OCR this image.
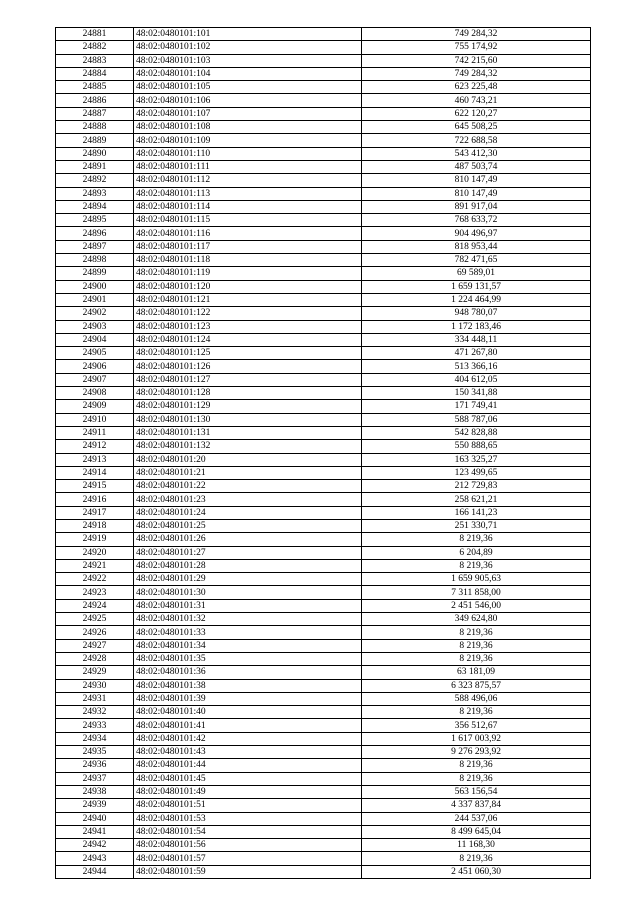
24881	48:02:0480101:101	749 284,32
24882	48:02:0480101:102	755 174,92
24883	48:02:0480101:103	742 215,60
24884	48:02:0480101:104	749 284,32
24885	48:02:0480101:105	623 225,48
24886	48:02:0480101:106	460 743,21
24887	48:02:0480101:107	622 120,27
24888	48:02:0480101:108	645 508,25
24889	48:02:0480101:109	722 688,58
24890	48:02:0480101:110	543 412,30
24891	48:02:0480101:111	487 503,74
24892	48:02:0480101:112	810 147,49
24893	48:02:0480101:113	810 147,49
24894	48:02:0480101:114	891 917,04
24895	48:02:0480101:115	768 633,72
24896	48:02:0480101:116	904 496,97
24897	48:02:0480101:117	818 953,44
24898	48:02:0480101:118	782 471,65
24899	48:02:0480101:119	69 589,01
24900	48:02:0480101:120	1 659 131,57
24901	48:02:0480101:121	1 224 464,99
24902	48:02:0480101:122	948 780,07
24903	48:02:0480101:123	1 172 183,46
24904	48:02:0480101:124	334 448,11
24905	48:02:0480101:125	471 267,80
24906	48:02:0480101:126	513 366,16
24907	48:02:0480101:127	404 612,05
24908	48:02:0480101:128	150 341,88
24909	48:02:0480101:129	171 749,41
24910	48:02:0480101:130	588 787,06
24911	48:02:0480101:131	542 828,88
24912	48:02:0480101:132	550 888,65
24913	48:02:0480101:20	163 325,27
24914	48:02:0480101:21	123 499,65
24915	48:02:0480101:22	212 729,83
24916	48:02:0480101:23	258 621,21
24917	48:02:0480101:24	166 141,23
24918	48:02:0480101:25	251 330,71
24919	48:02:0480101:26	8 219,36
24920	48:02:0480101:27	6 204,89
24921	48:02:0480101:28	8 219,36
24922	48:02:0480101:29	1 659 905,63
24923	48:02:0480101:30	7 311 858,00
24924	48:02:0480101:31	2 451 546,00
24925	48:02:0480101:32	349 624,80
24926	48:02:0480101:33	8 219,36
24927	48:02:0480101:34	8 219,36
24928	48:02:0480101:35	8 219,36
24929	48:02:0480101:36	63 181,09
24930	48:02:0480101:38	6 323 875,57
24931	48:02:0480101:39	588 496,06
24932	48:02:0480101:40	8 219,36
24933	48:02:0480101:41	356 512,67
24934	48:02:0480101:42	1 617 003,92
24935	48:02:0480101:43	9 276 293,92
24936	48:02:0480101:44	8 219,36
24937	48:02:0480101:45	8 219,36
24938	48:02:0480101:49	563 156,54
24939	48:02:0480101:51	4 337 837,84
24940	48:02:0480101:53	244 537,06
24941	48:02:0480101:54	8 499 645,04
24942	48:02:0480101:56	11 168,30
24943	48:02:0480101:57	8 219,36
24944	48:02:0480101:59	2 451 060,30
